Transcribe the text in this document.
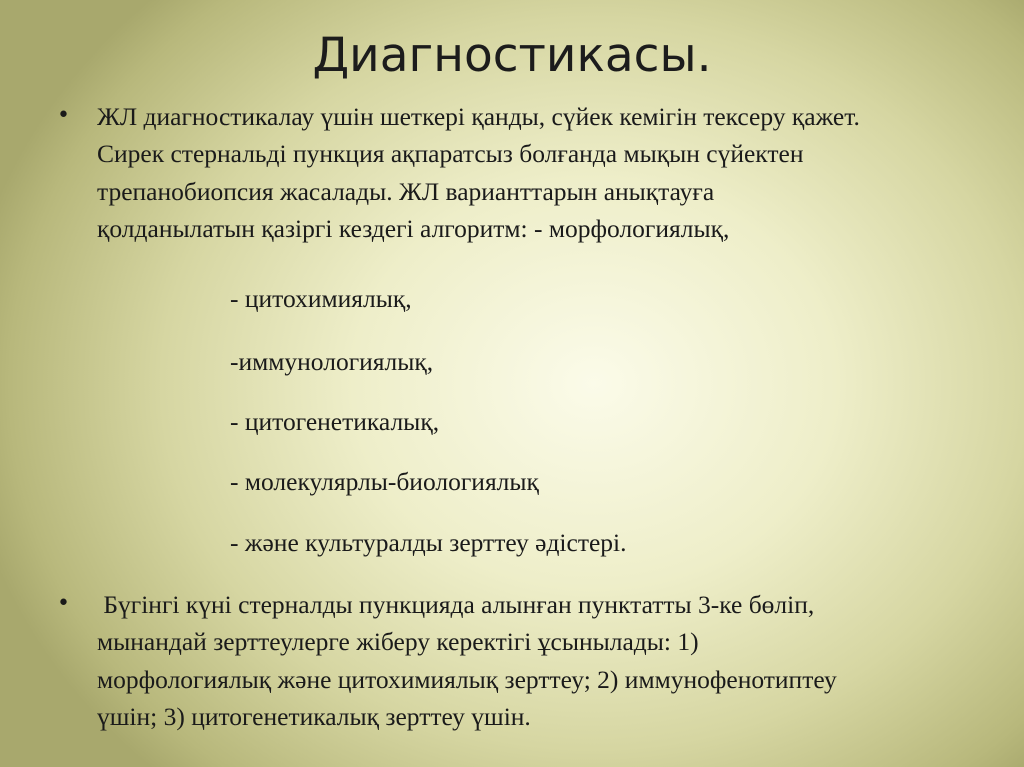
Диагностикасы.
• ЖЛ диагностикалау үшін шеткері қанды, сүйек кемігін тексеру қажет.
Сирек стернальді пункция ақпаратсыз болғанда мықын сүйектен
трепанобиопсия жасалады. ЖЛ варианттарын анықтауға
қолданылатын қазіргі кездегі алгоритм: - морфологиялық,

- цитохимиялық,
-иммунологиялық,
- цитогенетикалық,
- молекулярлы-биологиялық
- және культуралды зерттеу әдістері.
• Бүгінгі күні стерналды пункцияда алынған пунктатты 3-ке бөліп,
мынандай зерттеулерге жіберу керектігі ұсынылады: 1)
морфологиялық және цитохимиялық зерттеу; 2) иммунофенотиптеу
үшін; 3) цитогенетикалық зерттеу үшін.
